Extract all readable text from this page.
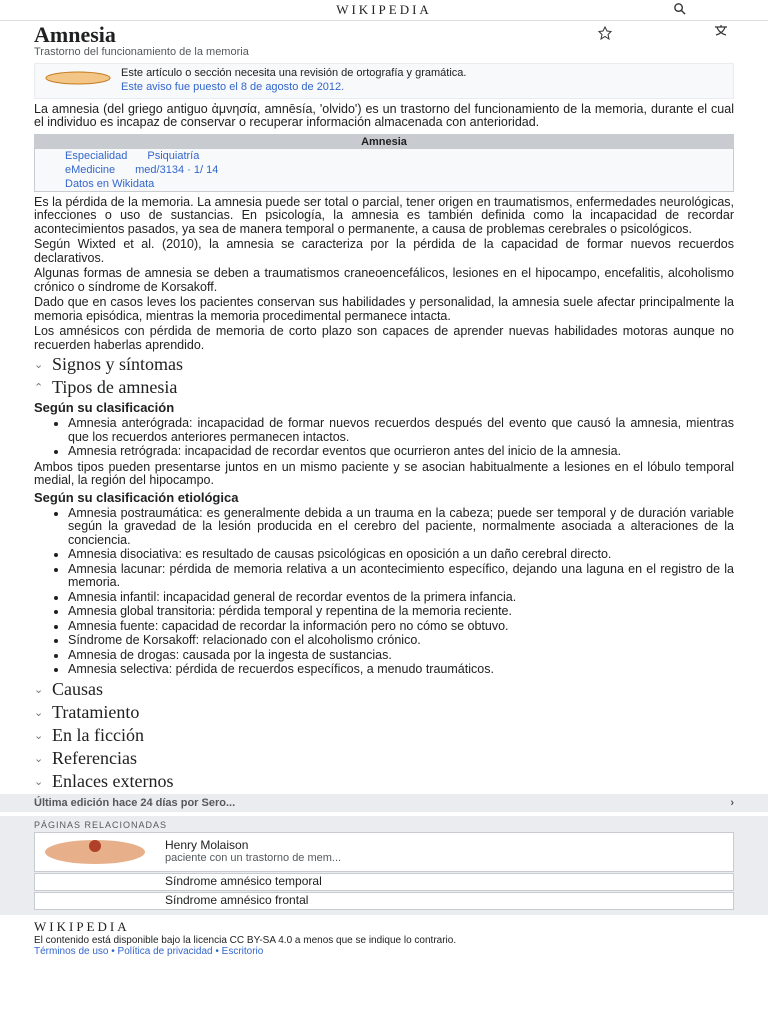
WIKIPEDIA
Amnesia

Trastorno del funcionamiento de la memoria

Este artículo o sección necesita una revisión de ortografía y gramática.
Este aviso fue puesto el 8 de agosto de 2012.

La amnesia (del griego antiguo ἀμνησία, amnēsía, 'olvido') es un trastorno del funcionamiento de la memoria, durante el cual el individuo es incapaz de conservar o recuperar información almacenada con anterioridad.

Amnesia
Especialidad Psiquiatría
eMedicine med/3134 · 1/ 14
Datos en Wikidata

Es la pérdida de la memoria. La amnesia puede ser total o parcial, tener origen en traumatismos, enfermedades neurológicas, infecciones o uso de sustancias. En psicología, la amnesia es también definida como la incapacidad de recordar acontecimientos pasados, ya sea de manera temporal o permanente, a causa de problemas cerebrales o psicológicos.

Según Wixted et al. (2010), la amnesia se caracteriza por la pérdida de la capacidad de formar nuevos recuerdos declarativos.

Algunas formas de amnesia se deben a traumatismos craneoencefálicos, lesiones en el hipocampo, encefalitis, alcoholismo crónico o síndrome de Korsakoff.

Dado que en casos leves los pacientes conservan sus habilidades y personalidad, la amnesia suele afectar principalmente la memoria episódica, mientras la memoria procedimental permanece intacta.

Los amnésicos con pérdida de memoria de corto plazo son capaces de aprender nuevas habilidades motoras aunque no recuerden haberlas aprendido.

⌄ Signos y síntomas
⌃ Tipos de amnesia
Según su clasificación
• Amnesia anterógrada: incapacidad de formar nuevos recuerdos después del evento que causó la amnesia, mientras que los recuerdos anteriores permanecen intactos.
• Amnesia retrógrada: incapacidad de recordar eventos que ocurrieron antes del inicio de la amnesia.

Ambos tipos pueden presentarse juntos en un mismo paciente y se asocian habitualmente a lesiones en el lóbulo temporal medial, la región del hipocampo.

Según su clasificación etiológica
• Amnesia postraumática: es generalmente debida a un trauma en la cabeza; puede ser temporal y de duración variable según la gravedad de la lesión producida en el cerebro del paciente, normalmente asociada a alteraciones de la conciencia.
• Amnesia disociativa: es resultado de causas psicológicas en oposición a un daño cerebral directo.
• Amnesia lacunar: pérdida de memoria relativa a un acontecimiento específico, dejando una laguna en el registro de la memoria.
• Amnesia infantil: incapacidad general de recordar eventos de la primera infancia.
• Amnesia global transitoria: pérdida temporal y repentina de la memoria reciente.
• Amnesia fuente: capacidad de recordar la información pero no cómo se obtuvo.
• Síndrome de Korsakoff: relacionado con el alcoholismo crónico.
• Amnesia de drogas: causada por la ingesta de sustancias.
• Amnesia selectiva: pérdida de recuerdos específicos, a menudo traumáticos.
⌄ Causas
⌄ Tratamiento
⌄ En la ficción
⌄ Referencias
⌄ Enlaces externos
Última edición hace 24 días por Sero...	›
PÁGINAS RELACIONADAS
Henry Molaison
paciente con un trastorno de mem...
Síndrome amnésico temporal
Síndrome amnésico frontal
WIKIPEDIA
El contenido está disponible bajo la licencia CC BY-SA 4.0 a menos que se indique lo contrario.
Términos de uso • Política de privacidad • Escritorio
